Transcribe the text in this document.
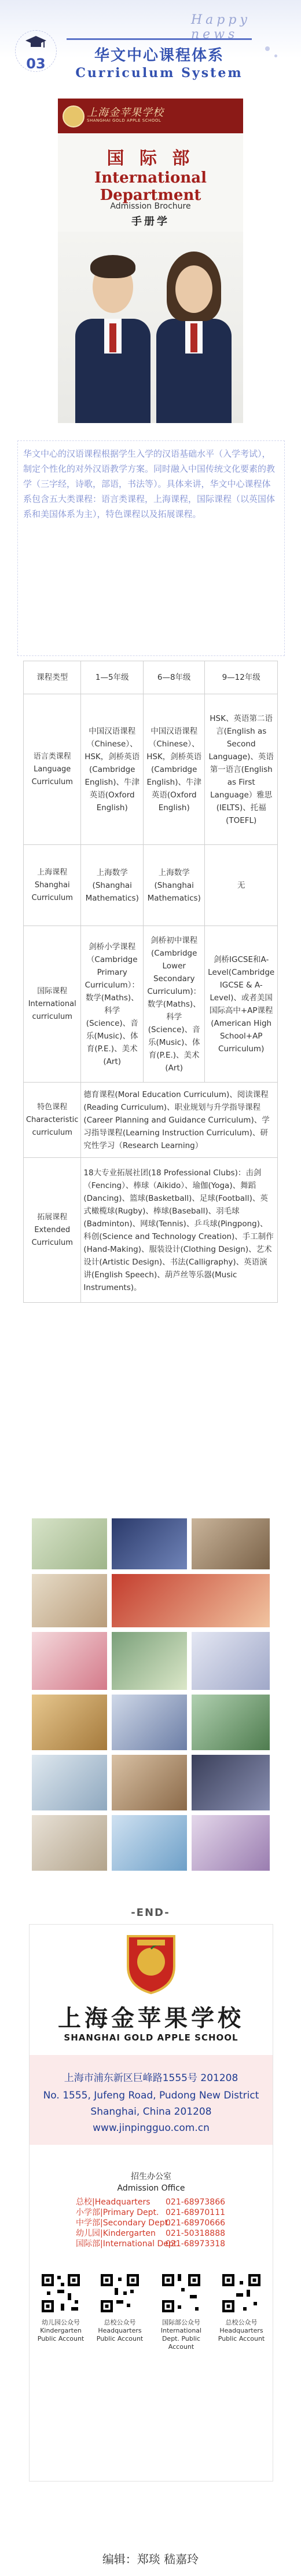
Happy news
03	华文中心课程体系
Curriculum System
上海金苹果学校
SHANGHAI GOLD APPLE SCHOOL
国 际 部
International Department
Admission Brochure
手册学
华文中心的汉语课程根据学生入学的汉语基础水平（入学考试），制定个性化的对外汉语教学方案。同时融入中国传统文化要素的教学（三字经，诗歌，部语，书法等）。具体来讲，华文中心课程体系包含五大类课程：语言类课程，上海课程，国际课程（以英国体系和美国体系为主），特色课程以及拓展课程。
课程类型	1—5年级	6—8年级	9—12年级
语言类课程 Language Curriculum	中国汉语课程（Chinese）、HSK，剑桥英语(Cambridge English)、牛津英语(Oxford English)	中国汉语课程（Chinese）、HSK，剑桥英语(Cambridge English)、牛津英语(Oxford English)	HSK、英语第二语言(English as Second Language)、英语第一语言(English as First Language）雅思(IELTS)、托福(TOEFL)
上海课程 Shanghai Curriculum	上海数学(Shanghai Mathematics)	上海数学(Shanghai Mathematics)	无
国际课程 International curriculum	剑桥小学课程（Cambridge Primary Curriculum）：数学(Maths)、科学(Science)、音乐(Music)、体育(P.E.)、美术(Art)	剑桥初中课程(Cambridge Lower Secondary Curriculum)：数学(Maths)、科学(Science)、音乐(Music)、体育(P.E.)、美术(Art)	剑桥IGCSE和A-Level(Cambridge IGCSE & A-Level)、或者美国国际高中+AP课程(American High School+AP Curriculum)
特色课程 Characteristic curriculum	德育课程(Moral Education Curriculum)、阅读课程(Reading Curriculum)、职业规划与升学指导课程(Career Planning and Guidance Curriculum)、学习指导课程(Learning Instruction Curriculum)、研究性学习（Research Learning）		
拓展课程 Extended Curriculum	18大专业拓展社团(18 Professional Clubs)：击剑（Fencing）、棒球（Aikido）、瑜伽(Yoga)、舞蹈(Dancing)、篮球(Basketball)、足球(Football)、英式橄榄球(Rugby)、棒球(Baseball)、羽毛球(Badminton)、网球(Tennis)、乒乓球(Pingpong)、科创(Science and Technology Creation)、手工制作(Hand-Making)、服装设计(Clothing Design)、艺术设计(Artistic Design)、书法(Calligraphy)、英语演讲(English Speech)、葫芦丝等乐器(Music Instruments)。		
-END-
上海金苹果学校
SHANGHAI GOLD APPLE SCHOOL
上海市浦东新区巨峰路1555号 201208
No. 1555, Jufeng Road, Pudong New District
Shanghai, China 201208
www.jinpingguo.com.cn
招生办公室
Admission Office
总校|Headquarters 021-68973866
小学部|Primary Dept. 021-68970111
中学部|Secondary Dept.
021-68970666
幼儿园|Kindergarten 021-50318888
国际部|International Dept.
021-68973318
幼儿园公众号
Kindergarten Public Account
总校公众号
Headquarters Public Account
国际部公众号
International Dept. Public Account
总校公众号
Headquarters Public Account
编辑：郑琰 嵇嘉玲
